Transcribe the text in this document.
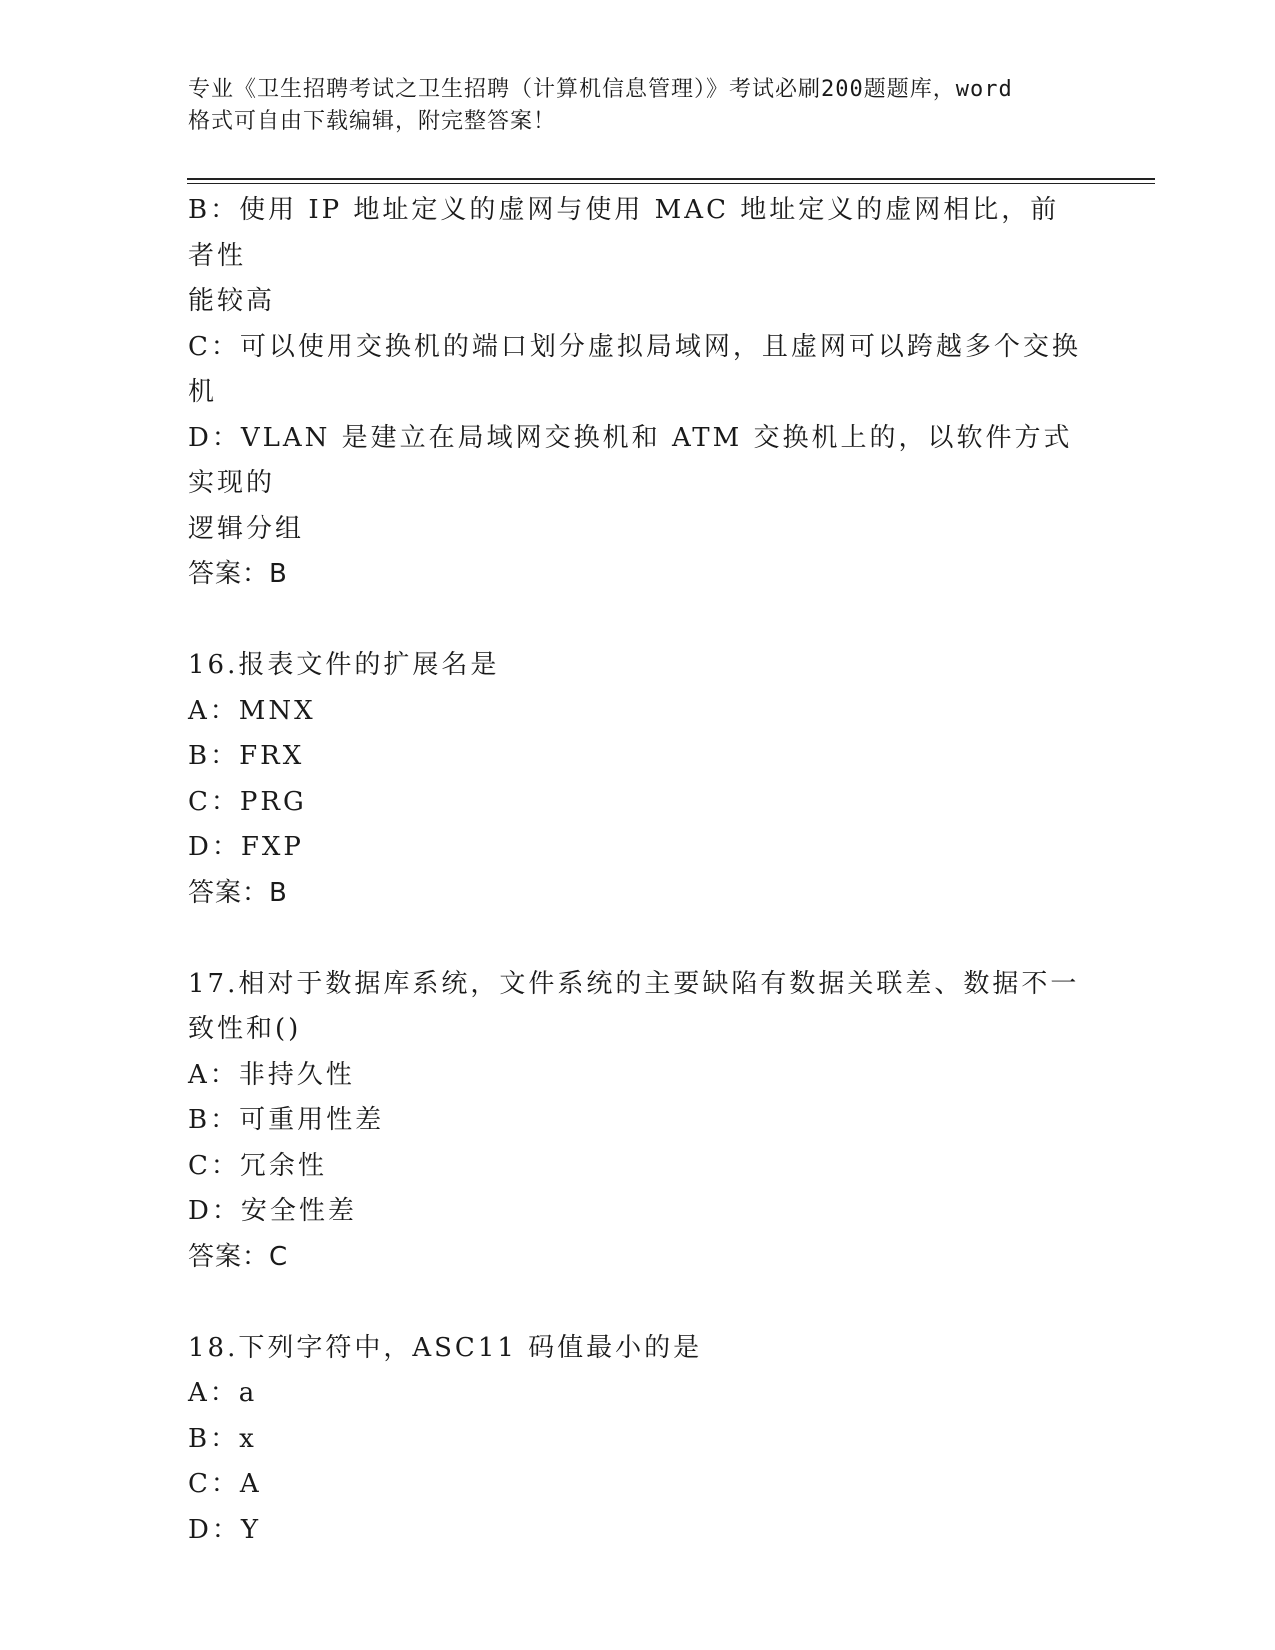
专业《卫生招聘考试之卫生招聘（计算机信息管理）》考试必刷200题题库，word
格式可自由下载编辑，附完整答案！

B：使用 IP 地址定义的虚网与使用 MAC 地址定义的虚网相比，前者性

能较高

C：可以使用交换机的端口划分虚拟局域网，且虚网可以跨越多个交换

机

D：VLAN 是建立在局域网交换机和 ATM 交换机上的，以软件方式实现的

逻辑分组

答案：B

16.报表文件的扩展名是

A：MNX

B：FRX

C：PRG

D：FXP

答案：B

17.相对于数据库系统，文件系统的主要缺陷有数据关联差、数据不一

致性和()

A：非持久性

B：可重用性差

C：冗余性

D：安全性差

答案：C

18.下列字符中，ASC11 码值最小的是

A：a

B：x

C：A

D：Y
